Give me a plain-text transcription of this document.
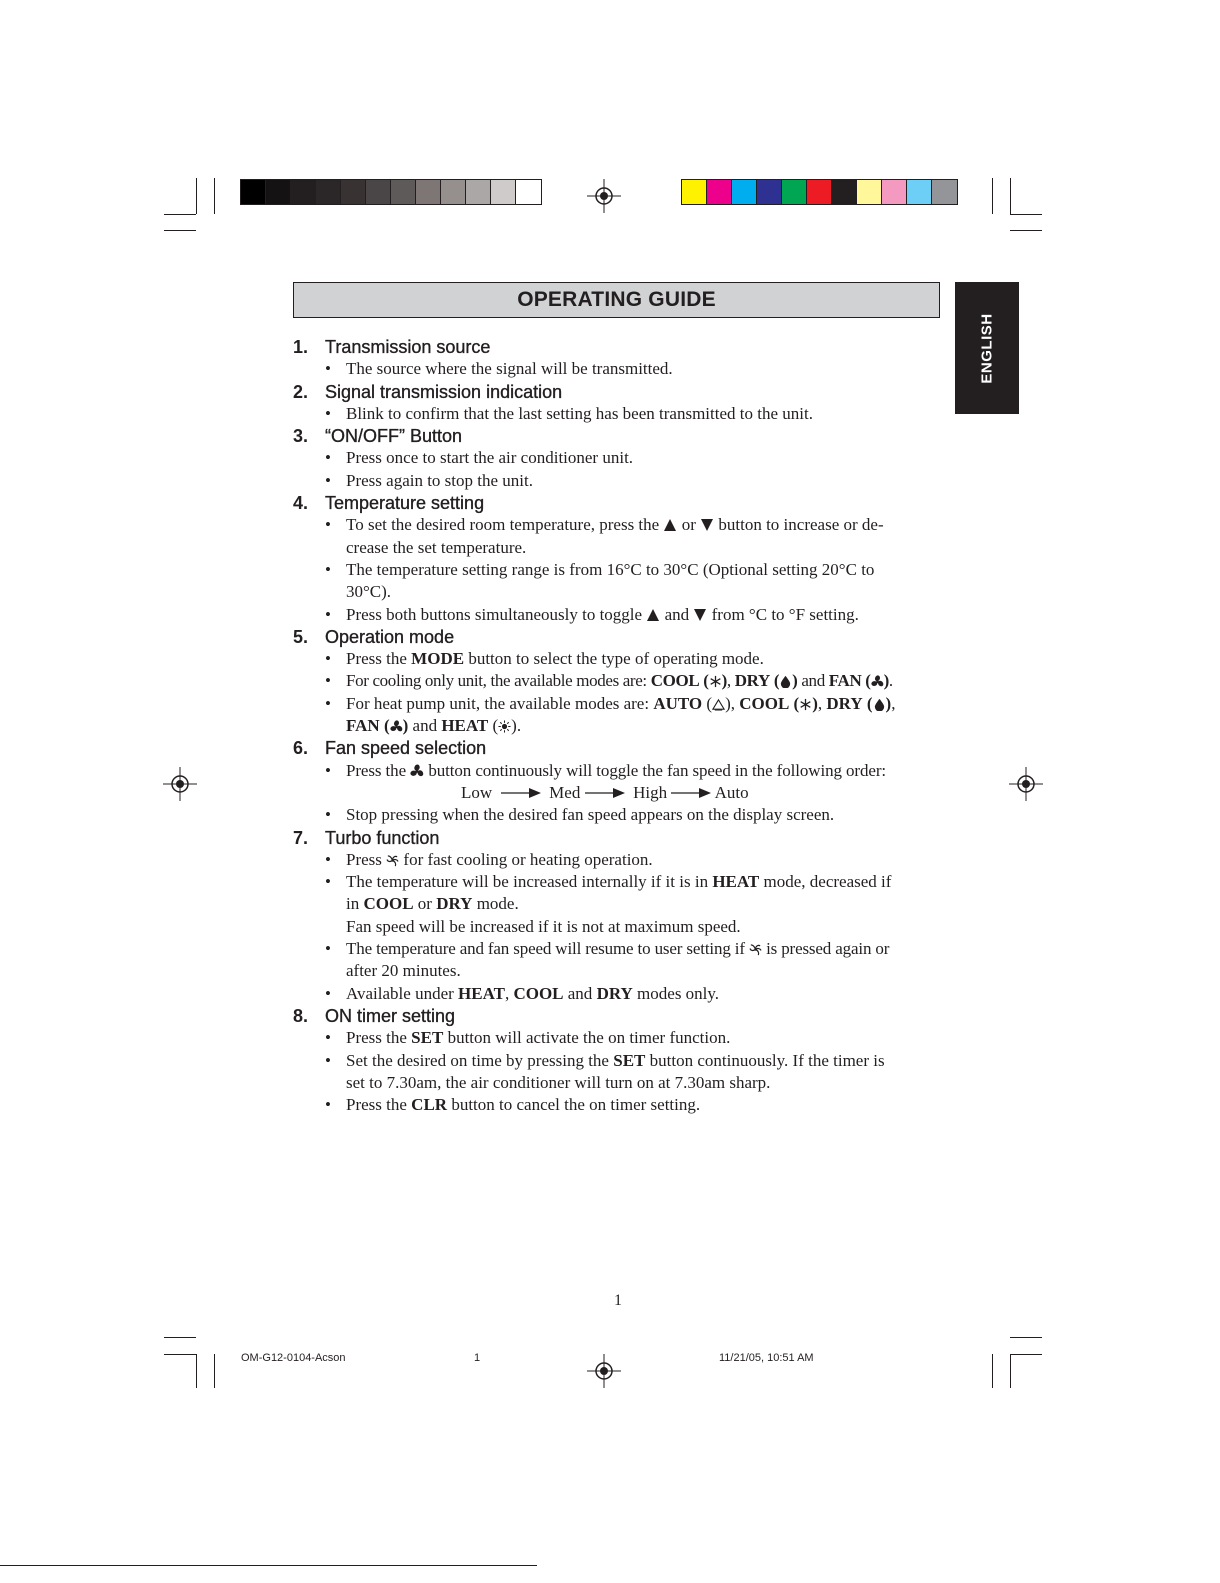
OPERATING GUIDE
ENGLISH
1. Transmission source
• The source where the signal will be transmitted.
2. Signal transmission indication
• Blink to confirm that the last setting has been transmitted to the unit.
3. “ON/OFF” Button
• Press once to start the air conditioner unit.
• Press again to stop the unit.
4. Temperature setting
• To set the desired room temperature, press the  or  button to increase or de-
crease the set temperature.
• The temperature setting range is from 16°C to 30°C (Optional setting 20°C to
30°C).
• Press both buttons simultaneously to toggle  and  from °C to °F setting.
5. Operation mode
• Press the MODE button to select the type of operating mode.
• For cooling only unit, the available modes are: COOL ( ), DRY ( ) and FAN ( ).
• For heat pump unit, the available modes are: AUTO ( ), COOL ( ), DRY ( ),
FAN ( ) and HEAT ( ).
6. Fan speed selection
• Press the  button continuously will toggle the fan speed in the following order:
Low	Med	High	Auto
• Stop pressing when the desired fan speed appears on the display screen.
7. Turbo function
• Press  for fast cooling or heating operation.
• The temperature will be increased internally if it is in HEAT mode, decreased if
in COOL or DRY mode.
Fan speed will be increased if it is not at maximum speed.
• The temperature and fan speed will resume to user setting if  is pressed again or
after 20 minutes.
• Available under HEAT, COOL and DRY modes only.
8. ON timer setting
• Press the SET button will activate the on timer function.
• Set the desired on time by pressing the SET button continuously. If the timer is
set to 7.30am, the air conditioner will turn on at 7.30am sharp.
• Press the CLR button to cancel the on timer setting.
1
OM-G12-0104-Acson	1	11/21/05, 10:51 AM
